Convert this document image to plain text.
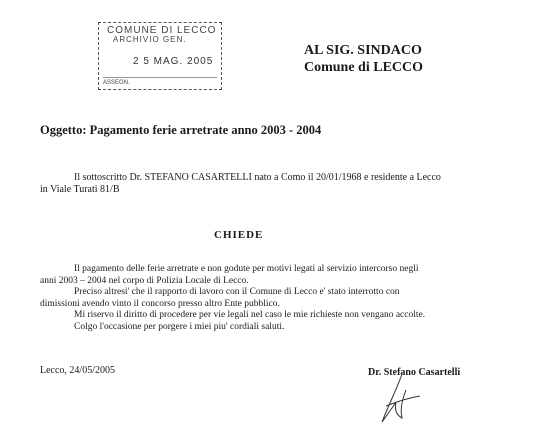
COMUNE DI LECCO
ARCHIVIO GEN.
2 5 MAG. 2005
ASSEGN.
AL SIG. SINDACO
Comune di LECCO
Oggetto: Pagamento ferie arretrate anno 2003 - 2004
Il sottoscritto Dr. STEFANO CASARTELLI nato a Como il 20/01/1968 e residente a Lecco
in Viale Turati 81/B
CHIEDE

Il pagamento delle ferie arretrate e non godute per motivi legati al servizio intercorso negli

anni 2003 – 2004 nel corpo di Polizia Locale di Lecco.

Preciso altresi' che il rapporto di lavoro con il Comune di Lecco e' stato interrotto con

dimissioni avendo vinto il concorso presso altro Ente pubblico.

Mi riservo il diritto di procedere per vie legali nel caso le mie richieste non vengano accolte.

Colgo l'occasione per porgere i miei piu' cordiali saluti.

Lecco, 24/05/2005	Dr. Stefano Casartelli
